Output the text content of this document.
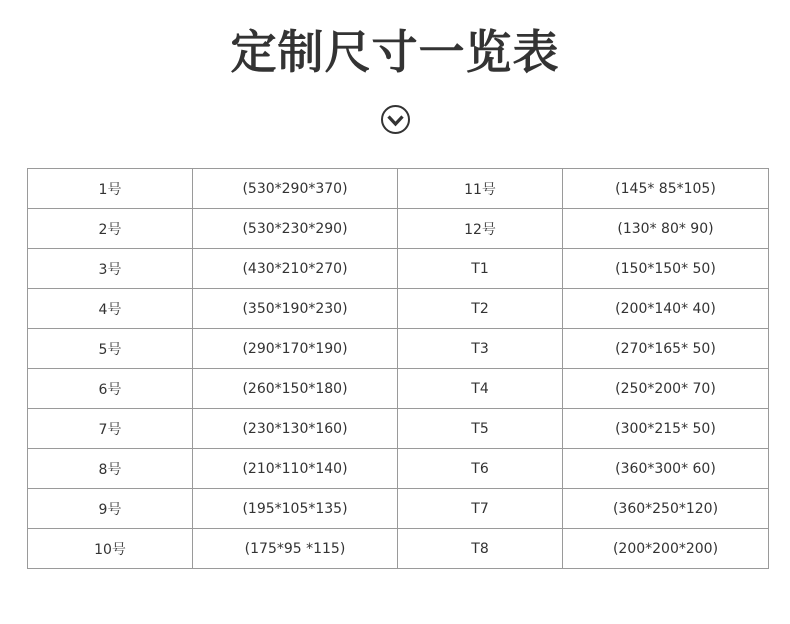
定制尺寸一览表
1号	(530*290*370)	11号	(145* 85*105)
2号	(530*230*290)	12号	(130* 80* 90)
3号	(430*210*270)	T1	(150*150* 50)
4号	(350*190*230)	T2	(200*140* 40)
5号	(290*170*190)	T3	(270*165* 50)
6号	(260*150*180)	T4	(250*200* 70)
7号	(230*130*160)	T5	(300*215* 50)
8号	(210*110*140)	T6	(360*300* 60)
9号	(195*105*135)	T7	(360*250*120)
10号	(175*95 *115)	T8	(200*200*200)
